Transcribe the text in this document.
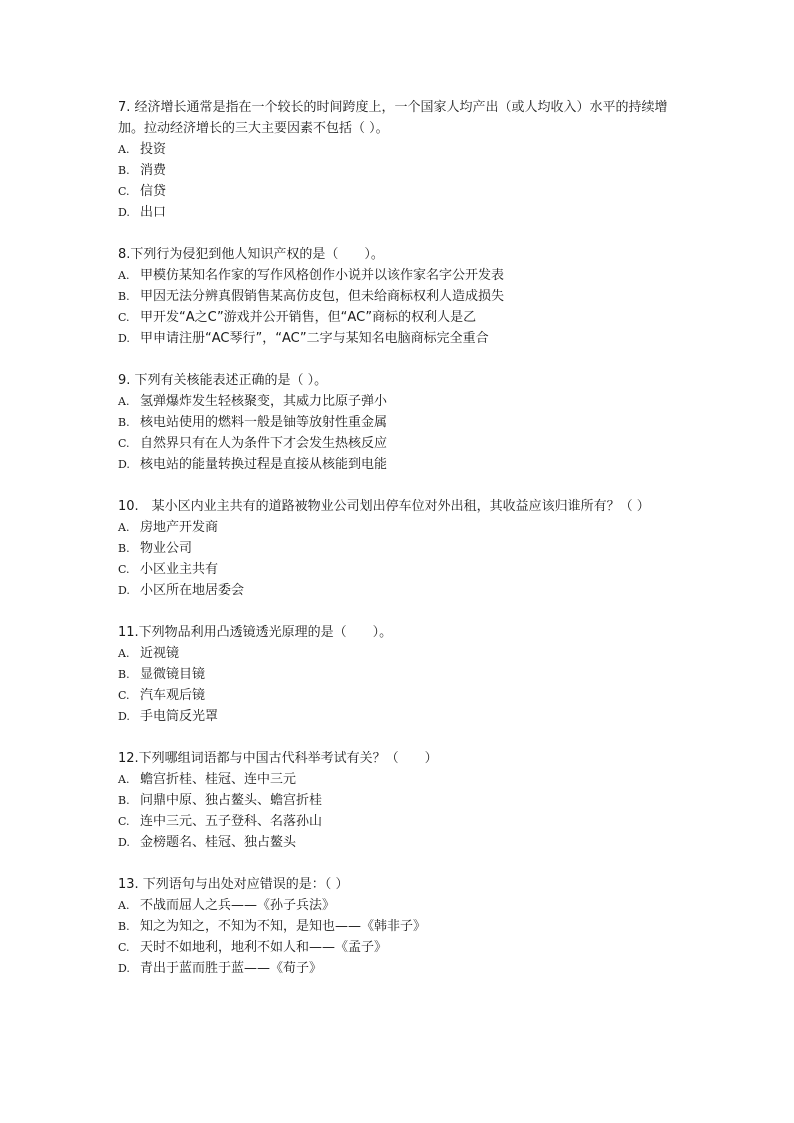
7. 经济增长通常是指在一个较长的时间跨度上，一个国家人均产出（或人均收入）水平的持续增加。拉动经济增长的三大主要因素不包括（ ）。

A. 投资

B. 消费

C. 信贷

D. 出口

8.下列行为侵犯到他人知识产权的是（　　）。

A. 甲模仿某知名作家的写作风格创作小说并以该作家名字公开发表

B. 甲因无法分辨真假销售某高仿皮包，但未给商标权利人造成损失

C. 甲开发“A之C”游戏并公开销售，但“AC”商标的权利人是乙

D. 甲申请注册“AC琴行”，“AC”二字与某知名电脑商标完全重合

9. 下列有关核能表述正确的是（ ）。

A. 氢弹爆炸发生轻核聚变，其威力比原子弹小

B. 核电站使用的燃料一般是铀等放射性重金属

C. 自然界只有在人为条件下才会发生热核反应

D. 核电站的能量转换过程是直接从核能到电能

10.　某小区内业主共有的道路被物业公司划出停车位对外出租，其收益应该归谁所有？（ ）

A. 房地产开发商

B. 物业公司

C. 小区业主共有

D. 小区所在地居委会

11.下列物品利用凸透镜透光原理的是（　　）。

A. 近视镜

B. 显微镜目镜

C. 汽车观后镜

D. 手电筒反光罩

12.下列哪组词语都与中国古代科举考试有关？（　　）

A. 蟾宫折桂、桂冠、连中三元

B. 问鼎中原、独占鳌头、蟾宫折桂

C. 连中三元、五子登科、名落孙山

D. 金榜题名、桂冠、独占鳌头

13. 下列语句与出处对应错误的是：（ ）

A. 不战而屈人之兵——《孙子兵法》

B. 知之为知之，不知为不知，是知也——《韩非子》

C. 天时不如地利，地利不如人和——《孟子》

D. 青出于蓝而胜于蓝——《荀子》
